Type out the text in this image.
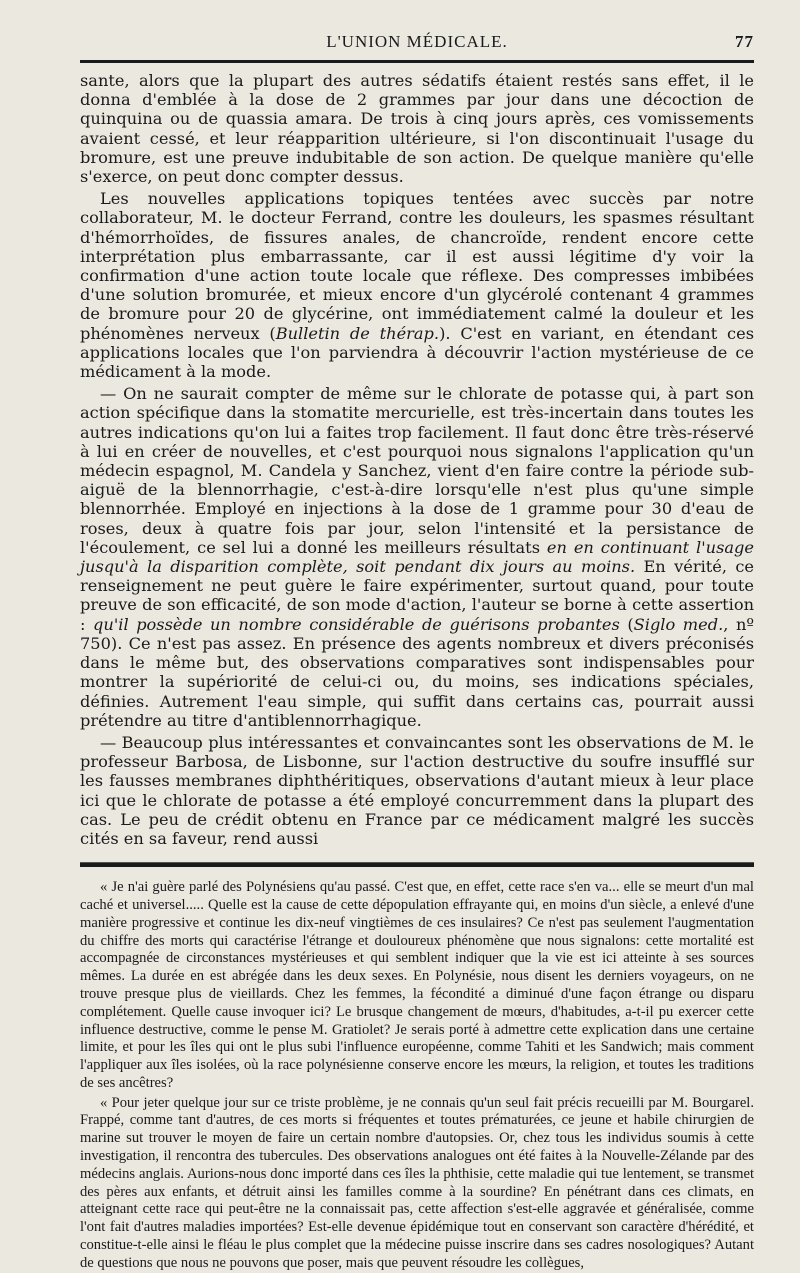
L'UNION MÉDICALE.	77

sante, alors que la plupart des autres sédatifs étaient restés sans effet, il le donna d'emblée à la dose de 2 grammes par jour dans une décoction de quinquina ou de quassia amara. De trois à cinq jours après, ces vomissements avaient cessé, et leur réapparition ultérieure, si l'on discontinuait l'usage du bromure, est une preuve indubitable de son action. De quelque manière qu'elle s'exerce, on peut donc compter dessus.

Les nouvelles applications topiques tentées avec succès par notre collaborateur, M. le docteur Ferrand, contre les douleurs, les spasmes résultant d'hémorrhoïdes, de fissures anales, de chancroïde, rendent encore cette interprétation plus embarrassante, car il est aussi légitime d'y voir la confirmation d'une action toute locale que réflexe. Des compresses imbibées d'une solution bromurée, et mieux encore d'un glycérolé contenant 4 grammes de bromure pour 20 de glycérine, ont immédiatement calmé la douleur et les phénomènes nerveux (Bulletin de thérap.). C'est en variant, en étendant ces applications locales que l'on parviendra à découvrir l'action mystérieuse de ce médicament à la mode.

— On ne saurait compter de même sur le chlorate de potasse qui, à part son action spécifique dans la stomatite mercurielle, est très-incertain dans toutes les autres indications qu'on lui a faites trop facilement. Il faut donc être très-réservé à lui en créer de nouvelles, et c'est pourquoi nous signalons l'application qu'un médecin espagnol, M. Candela y Sanchez, vient d'en faire contre la période sub-aiguë de la blennorrhagie, c'est-à-dire lorsqu'elle n'est plus qu'une simple blennorrhée. Employé en injections à la dose de 1 gramme pour 30 d'eau de roses, deux à quatre fois par jour, selon l'intensité et la persistance de l'écoulement, ce sel lui a donné les meilleurs résultats en en continuant l'usage jusqu'à la disparition complète, soit pendant dix jours au moins. En vérité, ce renseignement ne peut guère le faire expérimenter, surtout quand, pour toute preuve de son efficacité, de son mode d'action, l'auteur se borne à cette assertion : qu'il possède un nombre considérable de guérisons probantes (Siglo med., nº 750). Ce n'est pas assez. En présence des agents nombreux et divers préconisés dans le même but, des observations comparatives sont indispensables pour montrer la supériorité de celui-ci ou, du moins, ses indications spéciales, définies. Autrement l'eau simple, qui suffit dans certains cas, pourrait aussi prétendre au titre d'antiblennorrhagique.

— Beaucoup plus intéressantes et convaincantes sont les observations de M. le professeur Barbosa, de Lisbonne, sur l'action destructive du soufre insufflé sur les fausses membranes diphthéritiques, observations d'autant mieux à leur place ici que le chlorate de potasse a été employé concurremment dans la plupart des cas. Le peu de crédit obtenu en France par ce médicament malgré les succès cités en sa faveur, rend aussi

« Je n'ai guère parlé des Polynésiens qu'au passé. C'est que, en effet, cette race s'en va... elle se meurt d'un mal caché et universel..... Quelle est la cause de cette dépopulation effrayante qui, en moins d'un siècle, a enlevé d'une manière progressive et continue les dix-neuf vingtièmes de ces insulaires? Ce n'est pas seulement l'augmentation du chiffre des morts qui caractérise l'étrange et douloureux phénomène que nous signalons: cette mortalité est accompagnée de circonstances mystérieuses et qui semblent indiquer que la vie est ici atteinte à ses sources mêmes. La durée en est abrégée dans les deux sexes. En Polynésie, nous disent les derniers voyageurs, on ne trouve presque plus de vieillards. Chez les femmes, la fécondité a diminué d'une façon étrange ou disparu complétement. Quelle cause invoquer ici? Le brusque changement de mœurs, d'habitudes, a-t-il pu exercer cette influence destructive, comme le pense M. Gratiolet? Je serais porté à admettre cette explication dans une certaine limite, et pour les îles qui ont le plus subi l'influence européenne, comme Tahiti et les Sandwich; mais comment l'appliquer aux îles isolées, où la race polynésienne conserve encore les mœurs, la religion, et toutes les traditions de ses ancêtres?

« Pour jeter quelque jour sur ce triste problème, je ne connais qu'un seul fait précis recueilli par M. Bourgarel. Frappé, comme tant d'autres, de ces morts si fréquentes et toutes prématurées, ce jeune et habile chirurgien de marine sut trouver le moyen de faire un certain nombre d'autopsies. Or, chez tous les individus soumis à cette investigation, il rencontra des tubercules. Des observations analogues ont été faites à la Nouvelle-Zélande par des médecins anglais. Aurions-nous donc importé dans ces îles la phthisie, cette maladie qui tue lentement, se transmet des pères aux enfants, et détruit ainsi les familles comme à la sourdine? En pénétrant dans ces climats, en atteignant cette race qui peut-être ne la connaissait pas, cette affection s'est-elle aggravée et généralisée, comme l'ont fait d'autres maladies importées? Est-elle devenue épidémique tout en conservant son caractère d'hérédité, et constitue-t-elle ainsi le fléau le plus complet que la médecine puisse inscrire dans ses cadres nosologiques? Autant de questions que nous ne pouvons que poser, mais que peuvent résoudre les collègues,
